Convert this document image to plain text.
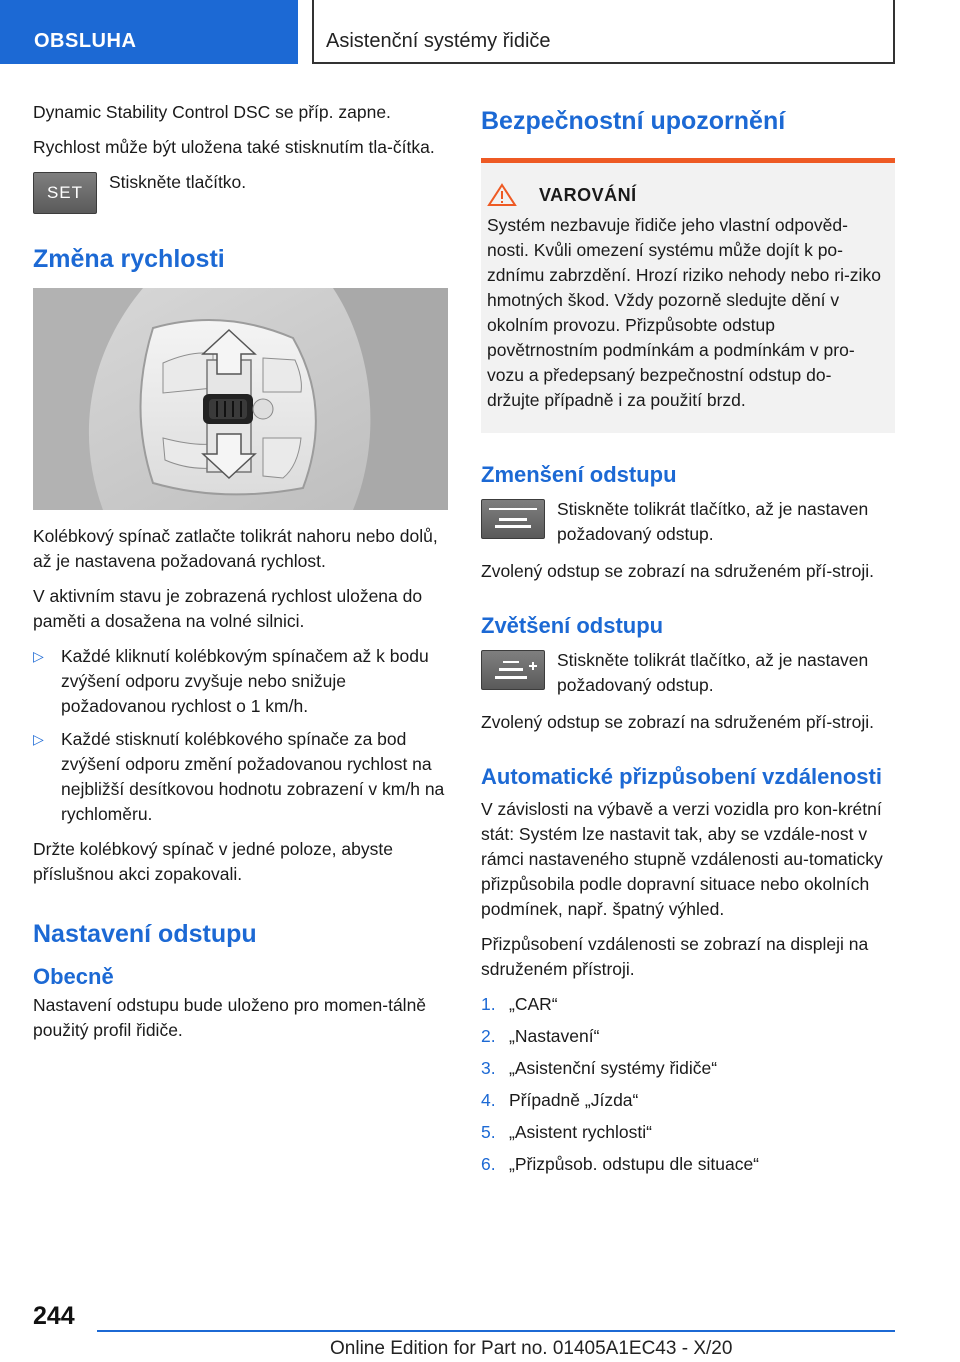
OBSLUHA	Asistenční systémy řidiče

Dynamic Stability Control DSC se příp. zapne.

Rychlost může být uložena také stisknutím tla-čítka.

SET

Stiskněte tlačítko.

Změna rychlosti

Kolébkový spínač zatlačte tolikrát nahoru nebo dolů, až je nastavena požadovaná rychlost.

V aktivním stavu je zobrazená rychlost uložena do paměti a dosažena na volné silnici.

▷ Každé kliknutí kolébkovým spínačem až k bodu zvýšení odporu zvyšuje nebo snižuje požadovanou rychlost o 1 km/h.
▷ Každé stisknutí kolébkového spínače za bod zvýšení odporu změní požadovanou rychlost na nejbližší desítkovou hodnotu zobrazení v km/h na rychloměru.

Držte kolébkový spínač v jedné poloze, abyste příslušnou akci zopakovali.

Nastavení odstupu
Obecně

Nastavení odstupu bude uloženo pro momen-tálně použitý profil řidiče.

Bezpečnostní upozornění
VAROVÁNÍ

Systém nezbavuje řidiče jeho vlastní odpověd-nosti. Kvůli omezení systému může dojít k po-zdnímu zabrzdění. Hrozí riziko nehody nebo ri-ziko hmotných škod. Vždy pozorně sledujte dění v okolním provozu. Přizpůsobte odstup povětrnostním podmínkám a podmínkám v pro-vozu a předepsaný bezpečnostní odstup do-držujte případně i za použití brzd.

Zmenšení odstupu

Stiskněte tolikrát tlačítko, až je nastaven požadovaný odstup.

Zvolený odstup se zobrazí na sdruženém pří-stroji.

Zvětšení odstupu

Stiskněte tolikrát tlačítko, až je nastaven požadovaný odstup.

Zvolený odstup se zobrazí na sdruženém pří-stroji.

Automatické přizpůsobení vzdálenosti

V závislosti na výbavě a verzi vozidla pro kon-krétní stát: Systém lze nastavit tak, aby se vzdále-nost v rámci nastaveného stupně vzdálenosti au-tomaticky přizpůsobila podle dopravní situace nebo okolních podmínek, např. špatný výhled.

Přizpůsobení vzdálenosti se zobrazí na displeji na sdruženém přístroji.

1. „CAR“
2. „Nastavení“
3. „Asistenční systémy řidiče“
4. Případně „Jízda“
5. „Asistent rychlosti“
6. „Přizpůsob. odstupu dle situace“
244
Online Edition for Part no. 01405A1EC43 - X/20
